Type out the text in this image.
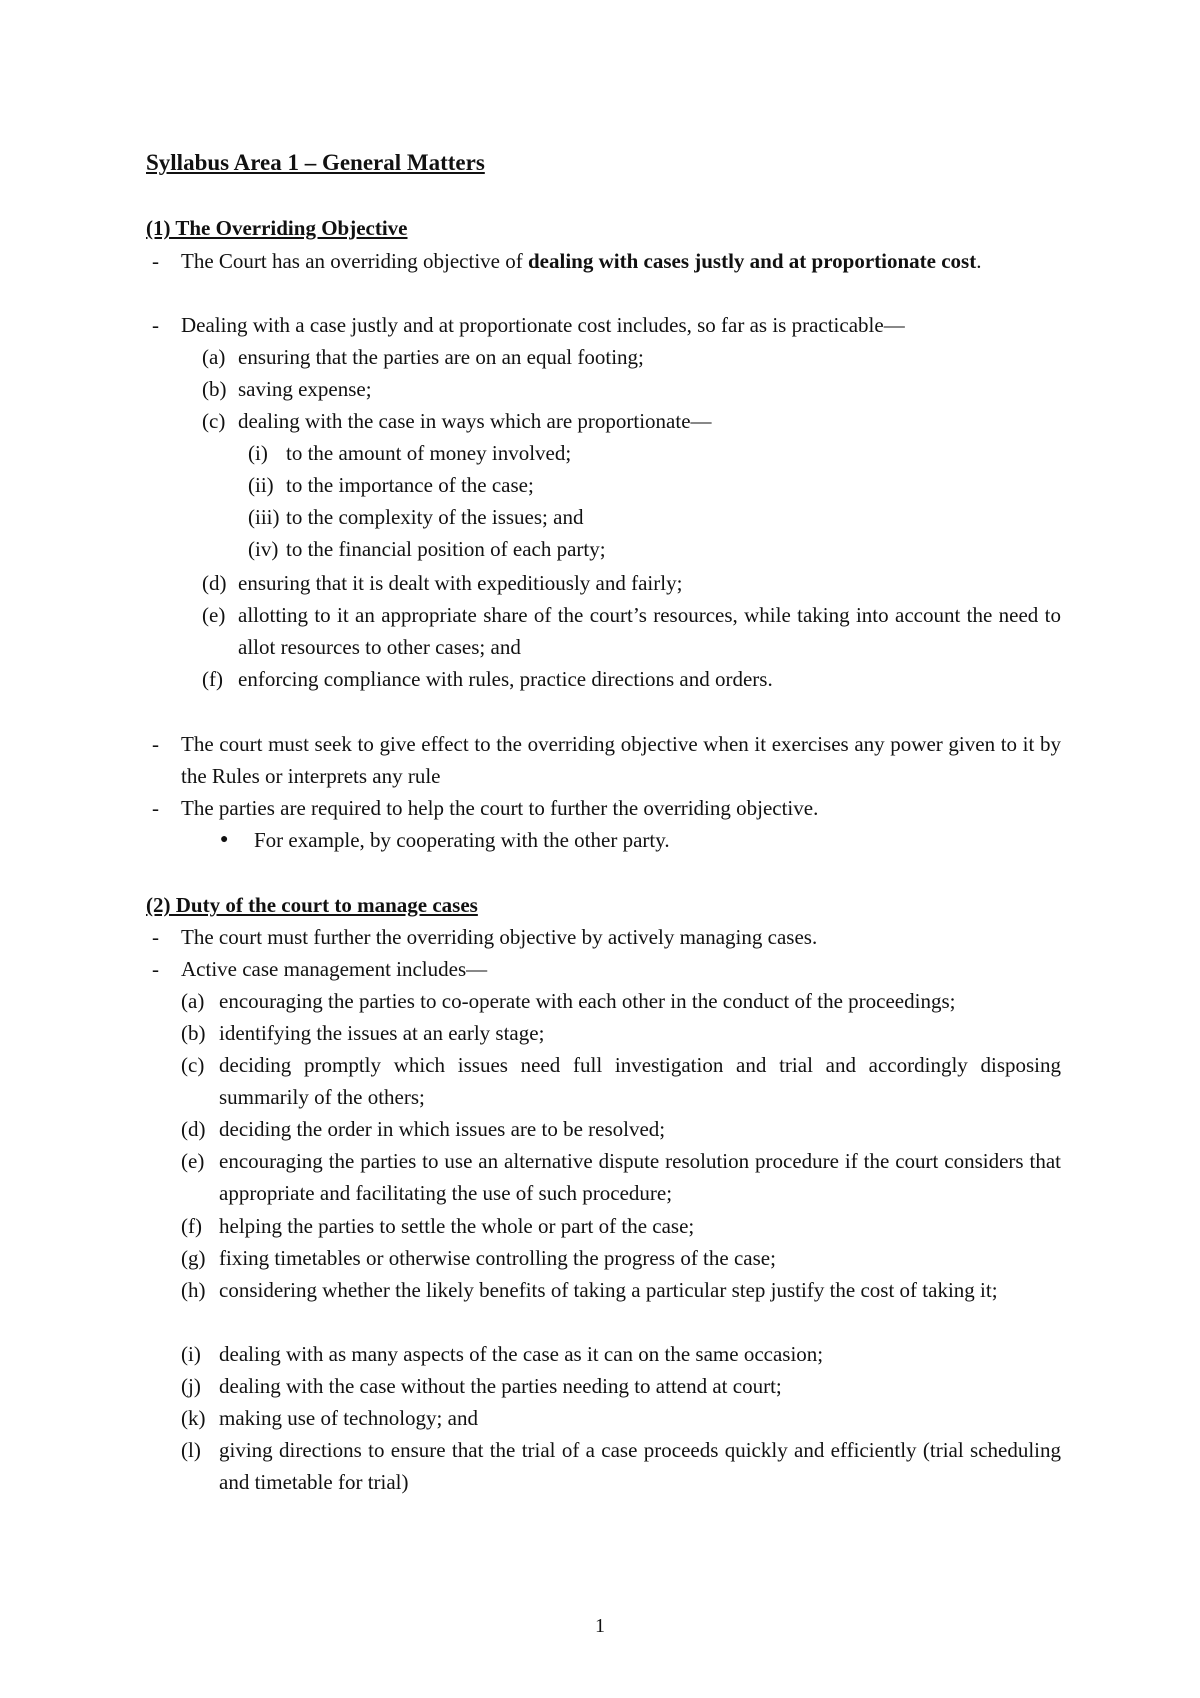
Syllabus Area 1 – General Matters
(1) The Overriding Objective
- The Court has an overriding objective of dealing with cases justly and at proportionate cost.
- Dealing with a case justly and at proportionate cost includes, so far as is practicable—
(a) ensuring that the parties are on an equal footing;
(b) saving expense;
(c) dealing with the case in ways which are proportionate—
(i) to the amount of money involved;
(ii) to the importance of the case;
(iii) to the complexity of the issues; and
(iv) to the financial position of each party;
(d) ensuring that it is dealt with expeditiously and fairly;
(e) allotting to it an appropriate share of the court’s resources, while taking into account the need to allot resources to other cases; and
(f) enforcing compliance with rules, practice directions and orders.
- The court must seek to give effect to the overriding objective when it exercises any power given to it by the Rules or interprets any rule
- The parties are required to help the court to further the overriding objective.
● For example, by cooperating with the other party.
(2) Duty of the court to manage cases
- The court must further the overriding objective by actively managing cases.
- Active case management includes—
(a) encouraging the parties to co-operate with each other in the conduct of the proceedings;
(b) identifying the issues at an early stage;
(c) deciding promptly which issues need full investigation and trial and accordingly disposing summarily of the others;
(d) deciding the order in which issues are to be resolved;
(e) encouraging the parties to use an alternative dispute resolution procedure if the court considers that appropriate and facilitating the use of such procedure;
(f) helping the parties to settle the whole or part of the case;
(g) fixing timetables or otherwise controlling the progress of the case;
(h) considering whether the likely benefits of taking a particular step justify the cost of taking it;
(i) dealing with as many aspects of the case as it can on the same occasion;
(j) dealing with the case without the parties needing to attend at court;
(k) making use of technology; and
(l) giving directions to ensure that the trial of a case proceeds quickly and efficiently (trial scheduling and timetable for trial)
1
